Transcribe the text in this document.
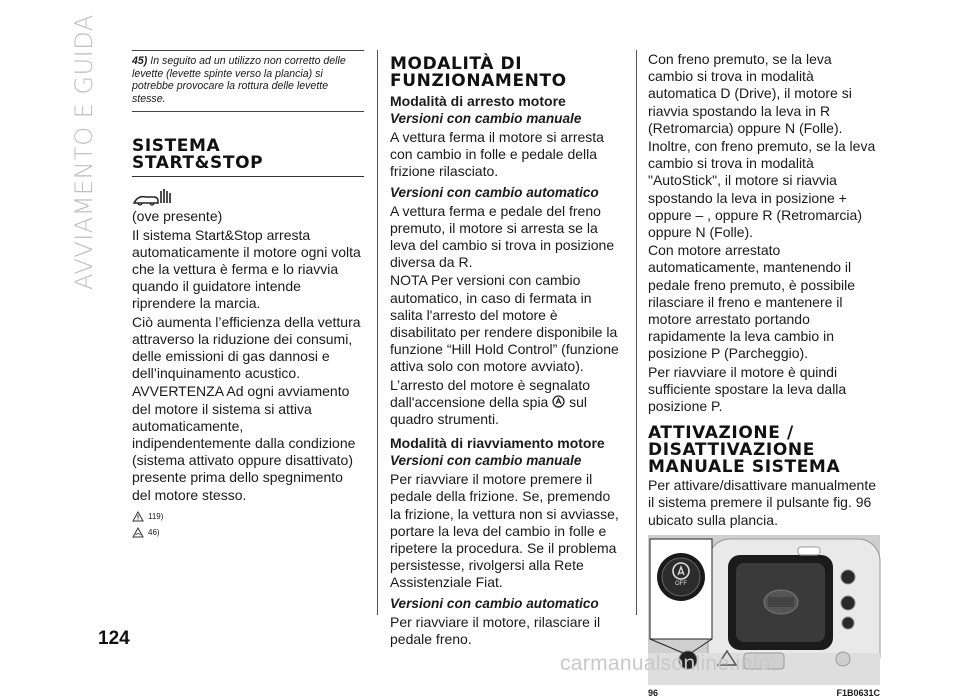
AVVIAMENTO E GUIDA	45) In seguito ad un utilizzo non corretto delle levette (levette spinte verso la plancia) si potrebbe provocare la rottura delle levette stesse.
SISTEMA
START&STOP

(ove presente)

Il sistema Start&Stop arresta automaticamente il motore ogni volta che la vettura è ferma e lo riavvia quando il guidatore intende riprendere la marcia.

Ciò aumenta l’efficienza della vettura attraverso la riduzione dei consumi, delle emissioni di gas dannosi e dell’inquinamento acustico.

AVVERTENZA Ad ogni avviamento del motore il sistema si attiva automaticamente, indipendentemente dalla condizione (sistema attivato oppure disattivato) presente prima dello spegnimento del motore stesso.

119)
46)
MODALITÀ DI
FUNZIONAMENTO
Modalità di arresto motore
Versioni con cambio manuale

A vettura ferma il motore si arresta con cambio in folle e pedale della frizione rilasciato.

Versioni con cambio automatico

A vettura ferma e pedale del freno premuto, il motore si arresta se la leva del cambio si trova in posizione diversa da R.

NOTA Per versioni con cambio automatico, in caso di fermata in salita l'arresto del motore è disabilitato per rendere disponibile la funzione “Hill Hold Control” (funzione attiva solo con motore avviato).

L’arresto del motore è segnalato dall'accensione della spia sul quadro strumenti.

Modalità di riavviamento motore
Versioni con cambio manuale

Per riavviare il motore premere il pedale della frizione. Se, premendo la frizione, la vettura non si avviasse, portare la leva del cambio in folle e ripetere la procedura. Se il problema persistesse, rivolgersi alla Rete Assistenziale Fiat.

Versioni con cambio automatico

Per riavviare il motore, rilasciare il pedale freno.

Con freno premuto, se la leva cambio si trova in modalità automatica D (Drive), il motore si riavvia spostando la leva in R (Retromarcia) oppure N (Folle).

Inoltre, con freno premuto, se la leva cambio si trova in modalità "AutoStick", il motore si riavvia spostando la leva in posizione + oppure – , oppure R (Retromarcia) oppure N (Folle).

Con motore arrestato automaticamente, mantenendo il pedale freno premuto, è possibile rilasciare il freno e mantenere il motore arrestato portando rapidamente la leva cambio in posizione P (Parcheggio).

Per riavviare il motore è quindi sufficiente spostare la leva dalla posizione P.

ATTIVAZIONE /
DISATTIVAZIONE
MANUALE SISTEMA

Per attivare/disattivare manualmente il sistema premere il pulsante fig. 96 ubicato sulla plancia.

OFF
96	F1B0631C
124
carmanualsonline.info
